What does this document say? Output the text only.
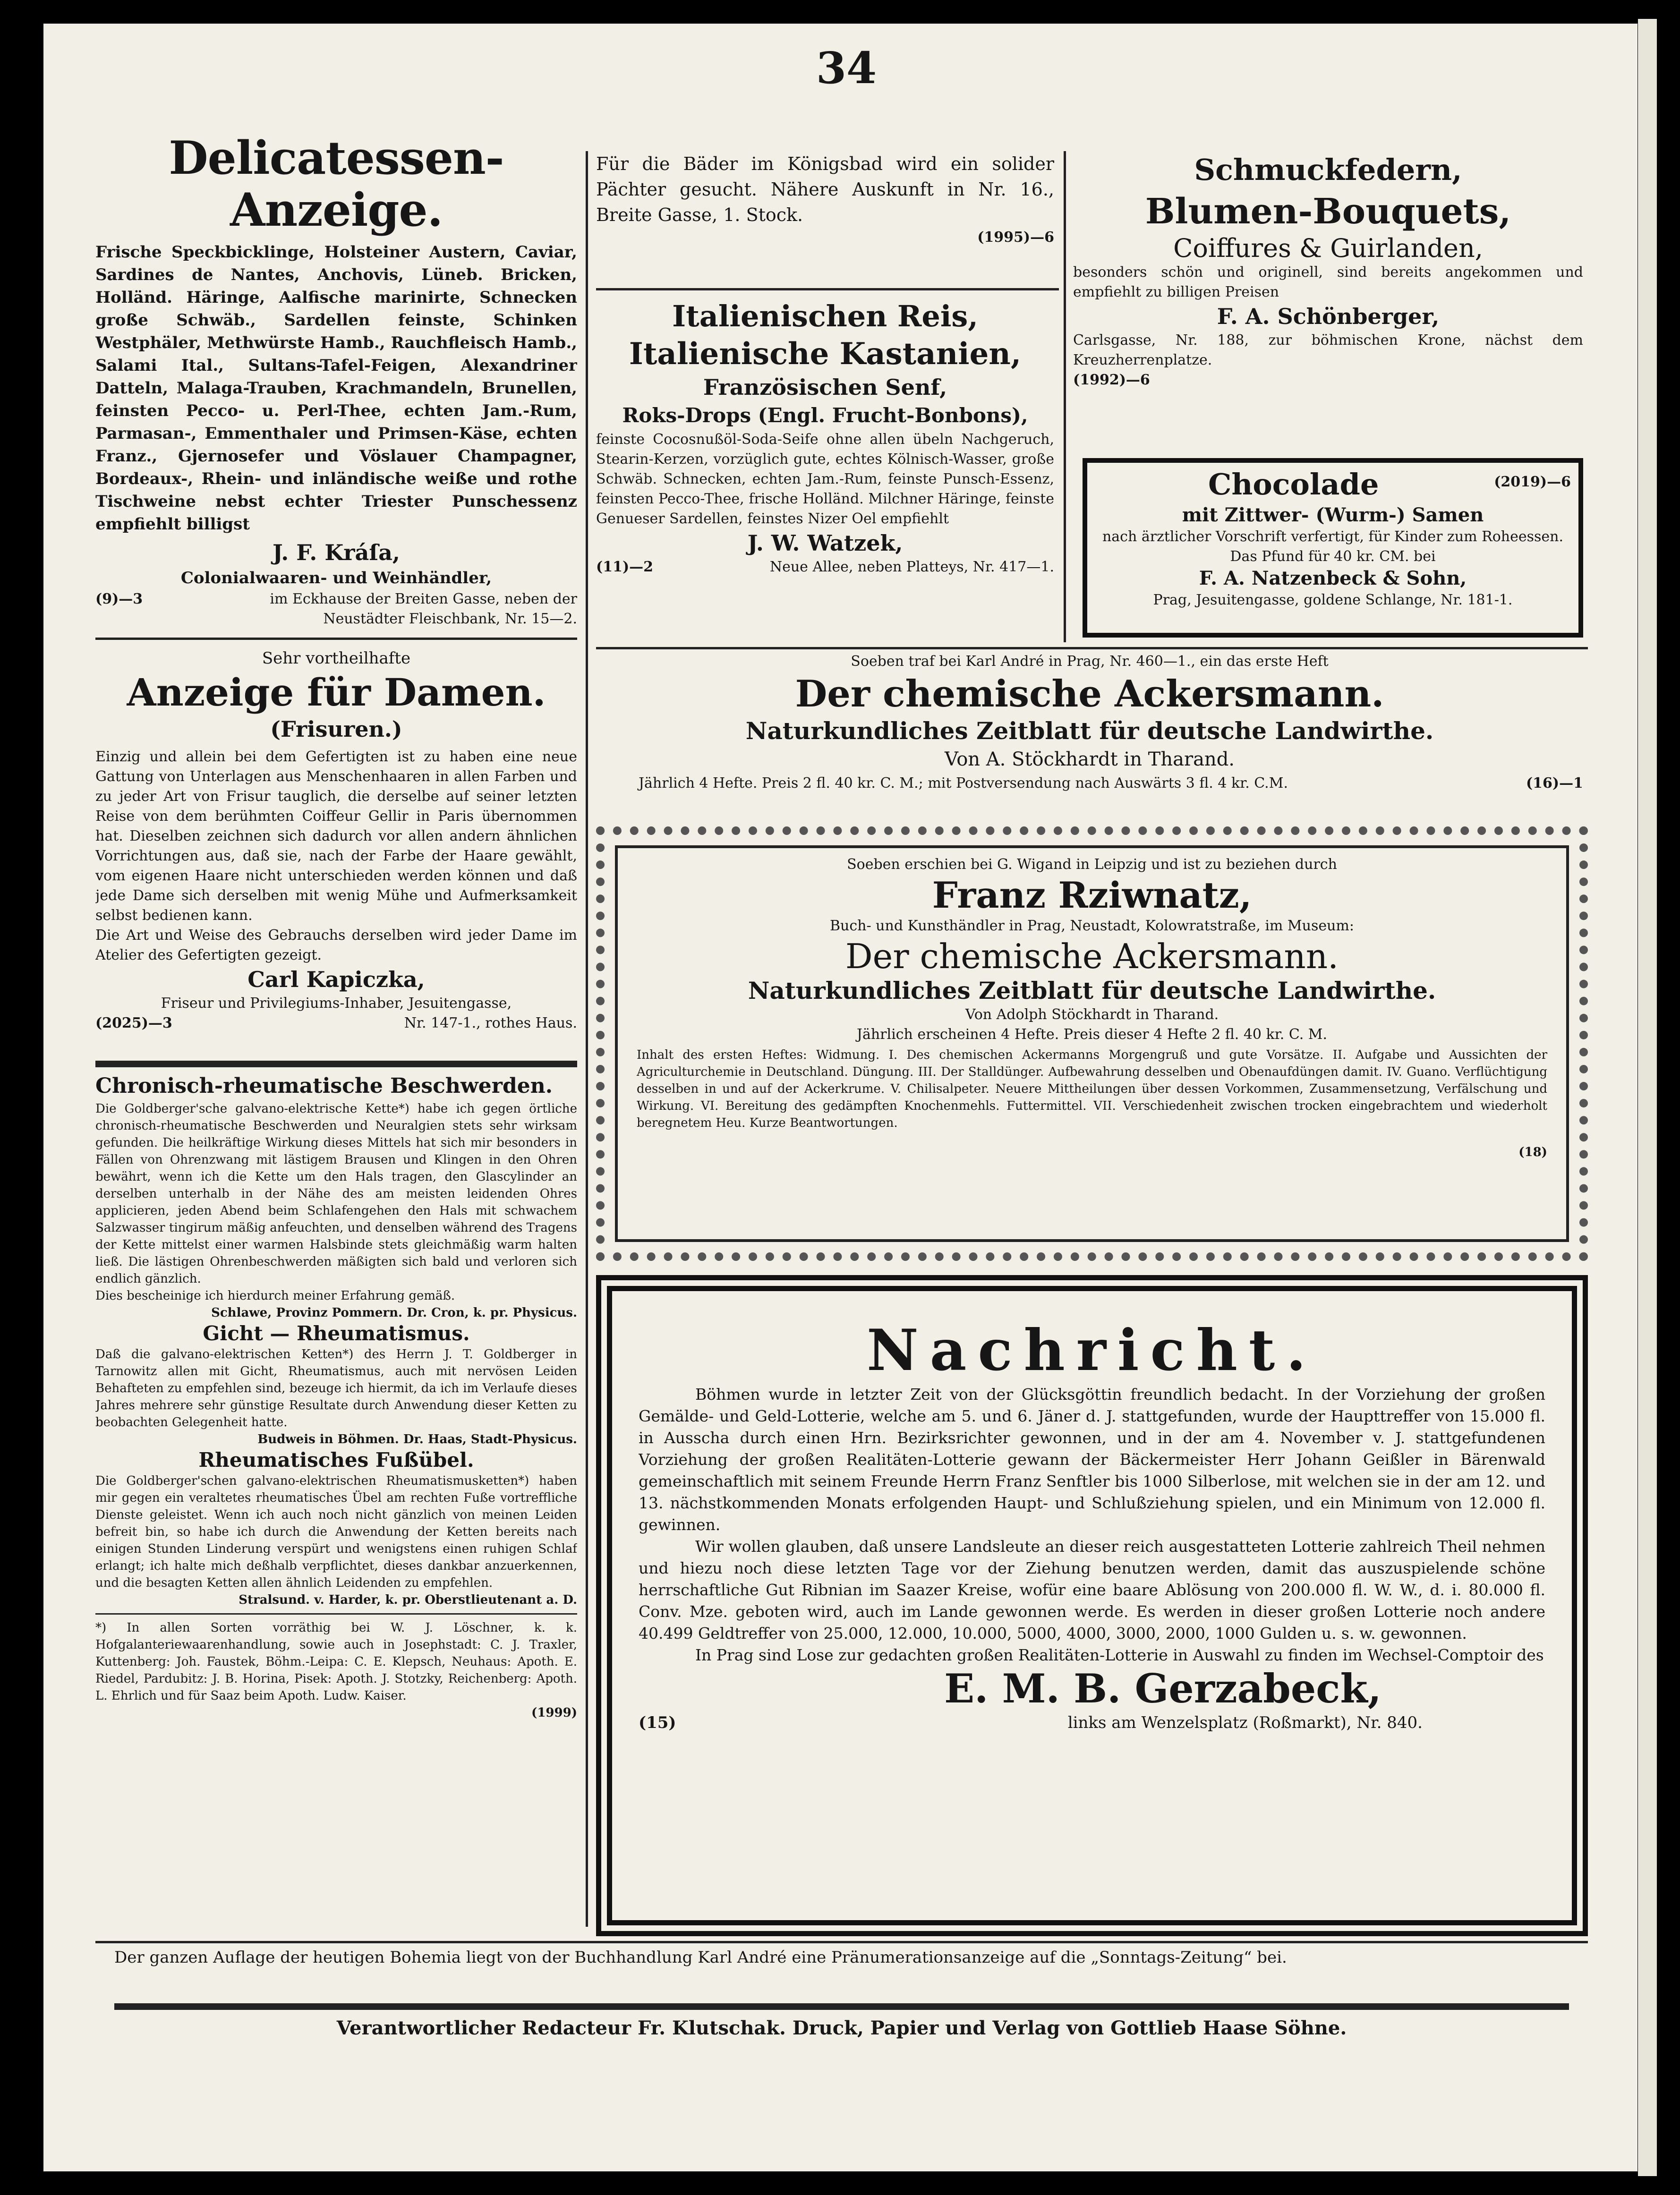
34
Delicatessen-Anzeige.

Frische Speckbicklinge, Holsteiner Austern, Caviar, Sardines de Nantes, Anchovis, Lüneb. Bricken, Holländ. Häringe, Aalfische marinirte, Schnecken große Schwäb., Sardellen feinste, Schinken Westphäler, Methwürste Hamb., Rauchfleisch Hamb., Salami Ital., Sultans-Tafel-Feigen, Alexandriner Datteln, Malaga-Trauben, Krachmandeln, Brunellen, feinsten Pecco- u. Perl-Thee, echten Jam.-Rum, Parmasan-, Emmenthaler und Primsen-Käse, echten Franz., Gjernosefer und Vöslauer Champagner, Bordeaux-, Rhein- und inländische weiße und rothe Tischweine nebst echter Triester Punschessenz empfiehlt billigst

J. F. Kráſa,
Colonialwaaren- und Weinhändler,
(9)—3	im Eckhause der Breiten Gasse, neben der Neustädter Fleischbank, Nr. 15—2.
Sehr vortheilhafte
Anzeige für Damen.
(Frisuren.)

Einzig und allein bei dem Gefertigten ist zu haben eine neue Gattung von Unterlagen aus Menschenhaaren in allen Farben und zu jeder Art von Frisur tauglich, die derselbe auf seiner letzten Reise von dem berühmten Coiffeur Gellir in Paris übernommen hat. Dieselben zeichnen sich dadurch vor allen andern ähnlichen Vorrichtungen aus, daß sie, nach der Farbe der Haare gewählt, vom eigenen Haare nicht unterschieden werden können und daß jede Dame sich derselben mit wenig Mühe und Aufmerksamkeit selbst bedienen kann.

Die Art und Weise des Gebrauchs derselben wird jeder Dame im Atelier des Gefertigten gezeigt.

Carl Kapiczka,
Friseur und Privilegiums-Inhaber, Jesuitengasse,
(2025)—3	Nr. 147-1., rothes Haus.
Chronisch-rheumatische Beschwerden.

Die Goldberger'sche galvano-elektrische Kette*) habe ich gegen örtliche chronisch-rheumatische Beschwerden und Neuralgien stets sehr wirksam gefunden. Die heilkräftige Wirkung dieses Mittels hat sich mir besonders in Fällen von Ohrenzwang mit lästigem Brausen und Klingen in den Ohren bewährt, wenn ich die Kette um den Hals tragen, den Glascylinder an derselben unterhalb in der Nähe des am meisten leidenden Ohres applicieren, jeden Abend beim Schlafengehen den Hals mit schwachem Salzwasser tingirum mäßig anfeuchten, und denselben während des Tragens der Kette mittelst einer warmen Halsbinde stets gleichmäßig warm halten ließ. Die lästigen Ohrenbeschwerden mäßigten sich bald und verloren sich endlich gänzlich.

Dies bescheinige ich hierdurch meiner Erfahrung gemäß.

Schlawe, Provinz Pommern. Dr. Cron, k. pr. Physicus.

Gicht — Rheumatismus.

Daß die galvano-elektrischen Ketten*) des Herrn J. T. Goldberger in Tarnowitz allen mit Gicht, Rheumatismus, auch mit nervösen Leiden Behafteten zu empfehlen sind, bezeuge ich hiermit, da ich im Verlaufe dieses Jahres mehrere sehr günstige Resultate durch Anwendung dieser Ketten zu beobachten Gelegenheit hatte.

Budweis in Böhmen. Dr. Haas, Stadt-Physicus.

Rheumatisches Fußübel.

Die Goldberger'schen galvano-elektrischen Rheumatismusketten*) haben mir gegen ein veraltetes rheumatisches Übel am rechten Fuße vortreffliche Dienste geleistet. Wenn ich auch noch nicht gänzlich von meinen Leiden befreit bin, so habe ich durch die Anwendung der Ketten bereits nach einigen Stunden Linderung verspürt und wenigstens einen ruhigen Schlaf erlangt; ich halte mich deßhalb verpflichtet, dieses dankbar anzuerkennen, und die besagten Ketten allen ähnlich Leidenden zu empfehlen.

Stralsund. v. Harder, k. pr. Oberstlieutenant a. D.

*) In allen Sorten vorräthig bei W. J. Löschner, k. k. Hofgalanteriewaarenhandlung, sowie auch in Josephstadt: C. J. Traxler, Kuttenberg: Joh. Faustek, Böhm.-Leipa: C. E. Klepsch, Neuhaus: Apoth. E. Riedel, Pardubitz: J. B. Horina, Pisek: Apoth. J. Stotzky, Reichenberg: Apoth. L. Ehrlich und für Saaz beim Apoth. Ludw. Kaiser.

(1999)

Für die Bäder im Königsbad wird ein solider Pächter gesucht. Nähere Auskunft in Nr. 16., Breite Gasse, 1. Stock.

(1995)—6
Italienischen Reis,
Italienische Kastanien,
Französischen Senf,
Roks-Drops (Engl. Frucht-Bonbons),

feinste Cocosnußöl-Soda-Seife ohne allen übeln Nachgeruch, Stearin-Kerzen, vorzüglich gute, echtes Kölnisch-Wasser, große Schwäb. Schnecken, echten Jam.-Rum, feinste Punsch-Essenz, feinsten Pecco-Thee, frische Holländ. Milchner Häringe, feinste Genueser Sardellen, feinstes Nizer Oel empfiehlt

J. W. Watzek,
(11)—2	Neue Allee, neben Platteys, Nr. 417—1.
Schmuckfedern,
Blumen-Bouquets,
Coiffures & Guirlanden,

besonders schön und originell, sind bereits angekommen und empfiehlt zu billigen Preisen

F. A. Schönberger,

Carlsgasse, Nr. 188, zur böhmischen Krone, nächst dem Kreuzherrenplatze.

(1992)—6
Chocolade	(2019)—6
mit Zittwer- (Wurm-) Samen

nach ärztlicher Vorschrift verfertigt, für Kinder zum Roheessen. Das Pfund für 40 kr. CM. bei

F. A. Natzenbeck & Sohn,
Prag, Jesuitengasse, goldene Schlange, Nr. 181-1.
Soeben traf bei Karl André in Prag, Nr. 460—1., ein das erste Heft
Der chemische Ackersmann.
Naturkundliches Zeitblatt für deutsche Landwirthe.
Von A. Stöckhardt in Tharand.
Jährlich 4 Hefte. Preis 2 fl. 40 kr. C. M.; mit Postversendung nach Auswärts 3 fl. 4 kr. C.M.	(16)—1
Soeben erschien bei G. Wigand in Leipzig und ist zu beziehen durch
Franz Rziwnatz,
Buch- und Kunsthändler in Prag, Neustadt, Kolowratstraße, im Museum:
Der chemische Ackersmann.
Naturkundliches Zeitblatt für deutsche Landwirthe.
Von Adolph Stöckhardt in Tharand.
Jährlich erscheinen 4 Hefte. Preis dieser 4 Hefte 2 fl. 40 kr. C. M.

Inhalt des ersten Heftes: Widmung. I. Des chemischen Ackermanns Morgengruß und gute Vorsätze. II. Aufgabe und Aussichten der Agriculturchemie in Deutschland. Düngung. III. Der Stalldünger. Aufbewahrung desselben und Obenaufdüngen damit. IV. Guano. Verflüchtigung desselben in und auf der Ackerkrume. V. Chilisalpeter. Neuere Mittheilungen über dessen Vorkommen, Zusammensetzung, Verfälschung und Wirkung. VI. Bereitung des gedämpften Knochenmehls. Futtermittel. VII. Verschiedenheit zwischen trocken eingebrachtem und wiederholt beregnetem Heu. Kurze Beantwortungen.

(18)
Nachricht.

Böhmen wurde in letzter Zeit von der Glücksgöttin freundlich bedacht. In der Vorziehung der großen Gemälde- und Geld-Lotterie, welche am 5. und 6. Jäner d. J. stattgefunden, wurde der Haupttreffer von 15.000 fl. in Ausscha durch einen Hrn. Bezirksrichter gewonnen, und in der am 4. November v. J. stattgefundenen Vorziehung der großen Realitäten-Lotterie gewann der Bäckermeister Herr Johann Geißler in Bärenwald gemeinschaftlich mit seinem Freunde Herrn Franz Senftler bis 1000 Silberlose, mit welchen sie in der am 12. und 13. nächstkommenden Monats erfolgenden Haupt- und Schlußziehung spielen, und ein Minimum von 12.000 fl. gewinnen.

Wir wollen glauben, daß unsere Landsleute an dieser reich ausgestatteten Lotterie zahlreich Theil nehmen und hiezu noch diese letzten Tage vor der Ziehung benutzen werden, damit das auszuspielende schöne herrschaftliche Gut Ribnian im Saazer Kreise, wofür eine baare Ablösung von 200.000 fl. W. W., d. i. 80.000 fl. Conv. Mze. geboten wird, auch im Lande gewonnen werde. Es werden in dieser großen Lotterie noch andere 40.499 Geldtreffer von 25.000, 12.000, 10.000, 5000, 4000, 3000, 2000, 1000 Gulden u. s. w. gewonnen.

In Prag sind Lose zur gedachten großen Realitäten-Lotterie in Auswahl zu finden im Wechsel-Comptoir des

E. M. B. Gerzabeck,
(15)	links am Wenzelsplatz (Roßmarkt), Nr. 840.

Der ganzen Auflage der heutigen Bohemia liegt von der Buchhandlung Karl André eine Pränumerationsanzeige auf die „Sonntags-Zeitung“ bei.

Verantwortlicher Redacteur Fr. Klutschak. Druck, Papier und Verlag von Gottlieb Haase Söhne.
